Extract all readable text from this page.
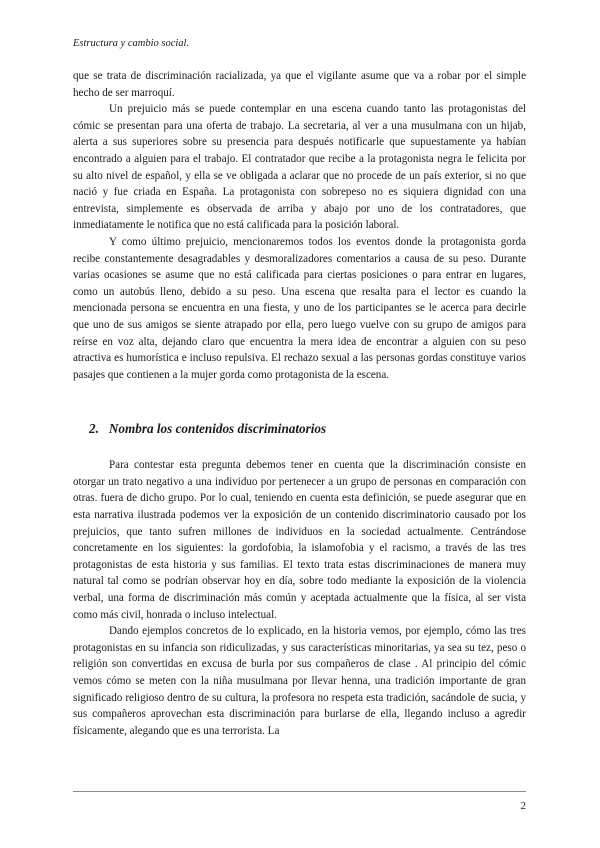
Estructura y cambio social.

que se trata de discriminación racializada, ya que el vigilante asume que va a robar por el simple hecho de ser marroquí.

Un prejuicio más se puede contemplar en una escena cuando tanto las protagonistas del cómic se presentan para una oferta de trabajo. La secretaria, al ver a una musulmana con un hijab, alerta a sus superiores sobre su presencia para después notificarle que supuestamente ya habían encontrado a alguien para el trabajo. El contratador que recibe a la protagonista negra le felicita por su alto nivel de español, y ella se ve obligada a aclarar que no procede de un país exterior, si no que nació y fue criada en España. La protagonista con sobrepeso no es siquiera dignidad con una entrevista, simplemente es observada de arriba y abajo por uno de los contratadores, que inmediatamente le notifica que no está calificada para la posición laboral.

Y como último prejuicio, mencionaremos todos los eventos donde la protagonista gorda recibe constantemente desagradables y desmoralizadores comentarios a causa de su peso. Durante varias ocasiones se asume que no está calificada para ciertas posiciones o para entrar en lugares, como un autobús lleno, debido a su peso. Una escena que resalta para el lector es cuando la mencionada persona se encuentra en una fiesta, y uno de los participantes se le acerca para decirle que uno de sus amigos se siente atrapado por ella, pero luego vuelve con su grupo de amigos para reírse en voz alta, dejando claro que encuentra la mera idea de encontrar a alguien con su peso atractiva es humorística e incluso repulsiva. El rechazo sexual a las personas gordas constituye varios pasajes que contienen a la mujer gorda como protagonista de la escena.

2. Nombra los contenidos discriminatorios

Para contestar esta pregunta debemos tener en cuenta que la discriminación consiste en otorgar un trato negativo a una individuo por pertenecer a un grupo de personas en comparación con otras. fuera de dicho grupo. Por lo cual, teniendo en cuenta esta definición, se puede asegurar que en esta narrativa ilustrada podemos ver la exposición de un contenido discriminatorio causado por los prejuicios, que tanto sufren millones de individuos en la sociedad actualmente. Centrándose concretamente en los siguientes: la gordofobia, la islamofobia y el racismo, a través de las tres protagonistas de esta historia y sus familias. El texto trata estas discriminaciones de manera muy natural tal como se podrían observar hoy en día, sobre todo mediante la exposición de la violencia verbal, una forma de discriminación más común y aceptada actualmente que la física, al ser vista como más civil, honrada o incluso intelectual.

Dando ejemplos concretos de lo explicado, en la historia vemos, por ejemplo, cómo las tres protagonistas en su infancia son ridiculizadas, y sus características minoritarias, ya sea su tez, peso o religión son convertidas en excusa de burla por sus compañeros de clase . Al principio del cómic vemos cómo se meten con la niña musulmana por llevar henna, una tradición importante de gran significado religioso dentro de su cultura, la profesora no respeta esta tradición, sacándole de sucia, y sus compañeros aprovechan esta discriminación para burlarse de ella, llegando incluso a agredir físicamente, alegando que es una terrorista. La

2
